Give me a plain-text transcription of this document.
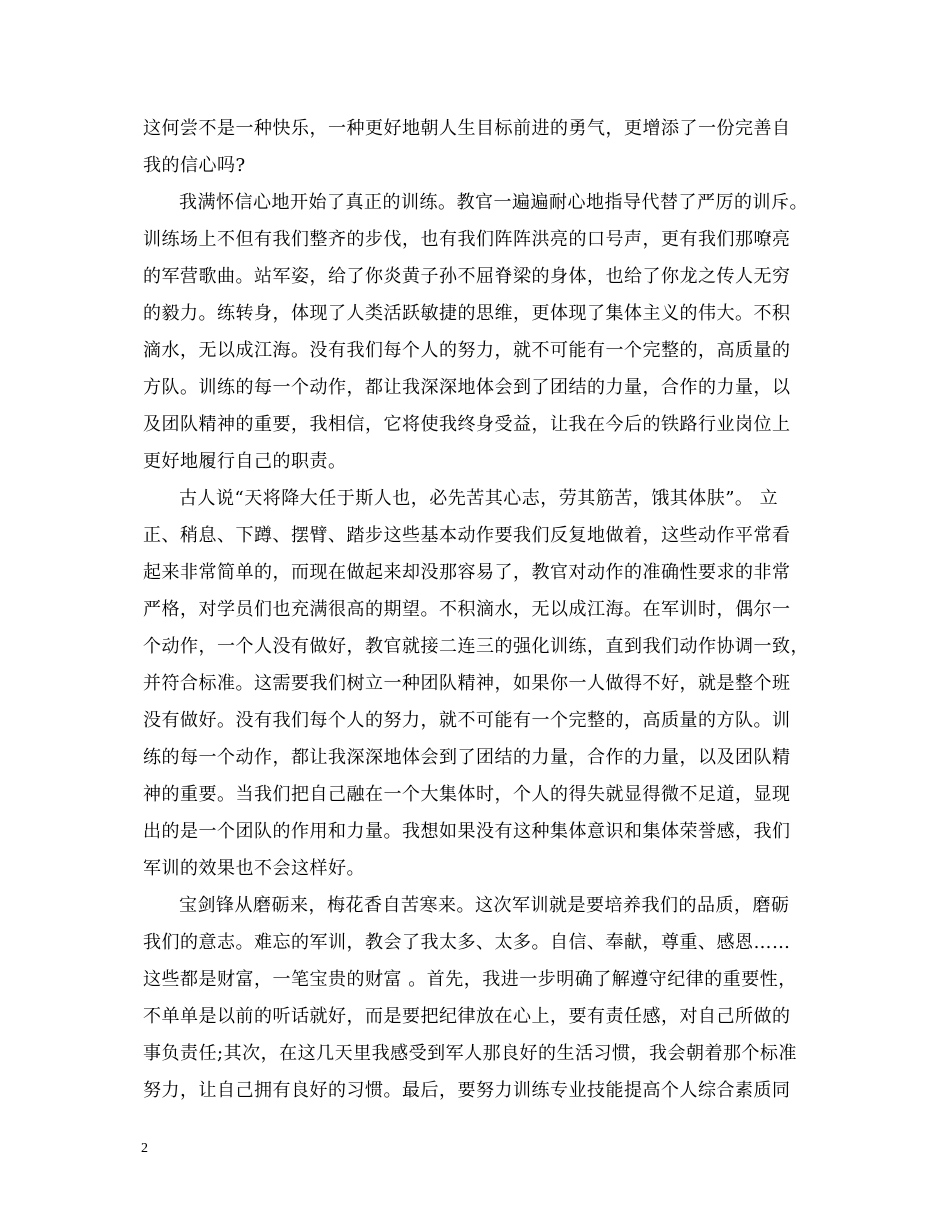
这何尝不是一种快乐，一种更好地朝人生目标前进的勇气，更增添了一份完善自
我的信心吗?
我满怀信心地开始了真正的训练。教官一遍遍耐心地指导代替了严厉的训斥。
训练场上不但有我们整齐的步伐，也有我们阵阵洪亮的口号声，更有我们那嘹亮
的军营歌曲。站军姿，给了你炎黄子孙不屈脊梁的身体，也给了你龙之传人无穷
的毅力。练转身，体现了人类活跃敏捷的思维，更体现了集体主义的伟大。不积
滴水，无以成江海。没有我们每个人的努力，就不可能有一个完整的，高质量的
方队。训练的每一个动作，都让我深深地体会到了团结的力量，合作的力量，以
及团队精神的重要，我相信，它将使我终身受益，让我在今后的铁路行业岗位上
更好地履行自己的职责。
古人说“天将降大任于斯人也，必先苦其心志，劳其筋苦，饿其体肤”。 立
正、稍息、下蹲、摆臂、踏步这些基本动作要我们反复地做着，这些动作平常看
起来非常简单的，而现在做起来却没那容易了，教官对动作的准确性要求的非常
严格，对学员们也充满很高的期望。不积滴水，无以成江海。在军训时，偶尔一
个动作，一个人没有做好，教官就接二连三的强化训练，直到我们动作协调一致，
并符合标准。这需要我们树立一种团队精神，如果你一人做得不好，就是整个班
没有做好。没有我们每个人的努力，就不可能有一个完整的，高质量的方队。训
练的每一个动作，都让我深深地体会到了团结的力量，合作的力量，以及团队精
神的重要。当我们把自己融在一个大集体时，个人的得失就显得微不足道，显现
出的是一个团队的作用和力量。我想如果没有这种集体意识和集体荣誉感，我们
军训的效果也不会这样好。
宝剑锋从磨砺来，梅花香自苦寒来。这次军训就是要培养我们的品质，磨砺
我们的意志。难忘的军训，教会了我太多、太多。自信、奉献，尊重、感恩……
这些都是财富，一笔宝贵的财富 。首先，我进一步明确了解遵守纪律的重要性，
不单单是以前的听话就好，而是要把纪律放在心上，要有责任感，对自己所做的
事负责任;其次，在这几天里我感受到军人那良好的生活习惯，我会朝着那个标准
努力，让自己拥有良好的习惯。最后，要努力训练专业技能提高个人综合素质同
2
